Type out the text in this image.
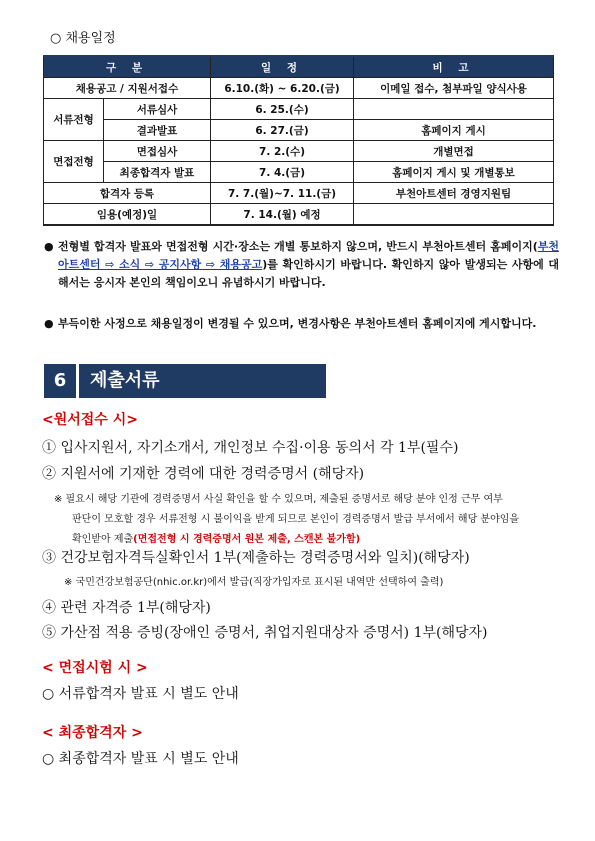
○ 채용일정
구 분		일 정	비 고
채용공고 / 지원서접수		6.10.(화) ~ 6.20.(금)	이메일 접수, 첨부파일 양식사용
서류전형	서류심사	6. 25.(수)	
	결과발표	6. 27.(금)	홈페이지 게시
면접전형	면접심사	7. 2.(수)	개별면접
	최종합격자 발표	7. 4.(금)	홈페이지 게시 및 개별통보
합격자 등록		7. 7.(월)~7. 11.(금)	부천아트센터 경영지원팀
임용(예정)일		7. 14.(월) 예정	
● 전형별 합격자 발표와 면접전형 시간·장소는 개별 통보하지 않으며, 반드시 부천아트센터 홈페이지(부천아트센터 ⇨ 소식 ⇨ 공지사항 ⇨ 채용공고)를 확인하시기 바랍니다. 확인하지 않아 발생되는 사항에 대해서는 응시자 본인의 책임이오니 유념하시기 바랍니다.
● 부득이한 사정으로 채용일정이 변경될 수 있으며, 변경사항은 부천아트센터 홈페이지에 게시합니다.
6	제출서류
<원서접수 시>
① 입사지원서, 자기소개서, 개인정보 수집·이용 동의서 각 1부(필수)
② 지원서에 기재한 경력에 대한 경력증명서 (해당자)
※ 필요시 해당 기관에 경력증명서 사실 확인을 할 수 있으며, 제출된 증명서로 해당 분야 인정 근무 여부
판단이 모호할 경우 서류전형 시 불이익을 받게 되므로 본인이 경력증명서 발급 부서에서 해당 분야임을
확인받아 제출(면접전형 시 경력증명서 원본 제출, 스캔본 불가함)
③ 건강보험자격득실확인서 1부(제출하는 경력증명서와 일치)(해당자)
※ 국민건강보험공단(nhic.or.kr)에서 발급(직장가입자로 표시된 내역만 선택하여 출력)
④ 관련 자격증 1부(해당자)
⑤ 가산점 적용 증빙(장애인 증명서, 취업지원대상자 증명서) 1부(해당자)
< 면접시험 시 >
○ 서류합격자 발표 시 별도 안내
< 최종합격자 >
○ 최종합격자 발표 시 별도 안내
